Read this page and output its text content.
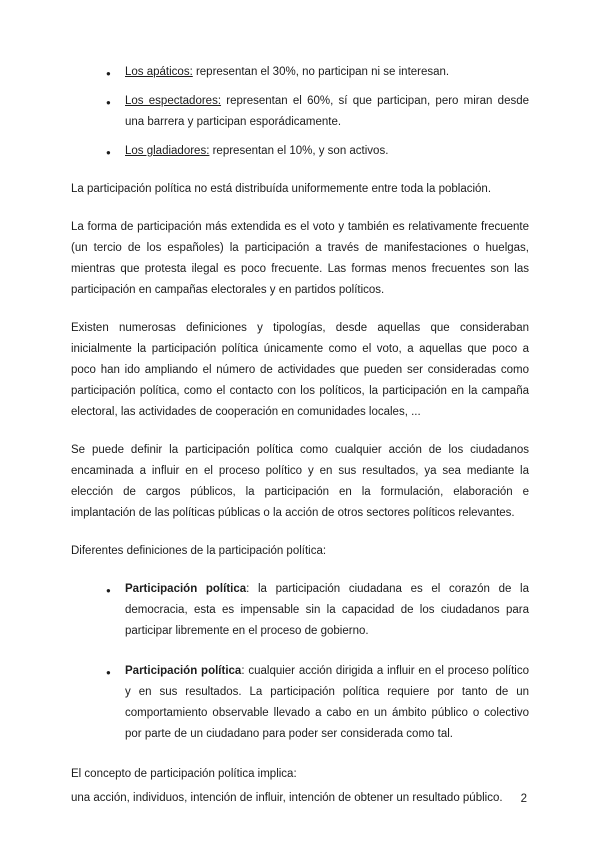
● Los apáticos: representan el 30%, no participan ni se interesan.
● Los espectadores: representan el 60%, sí que participan, pero miran desde una barrera y participan esporádicamente.
● Los gladiadores: representan el 10%, y son activos.

La participación política no está distribuída uniformemente entre toda la población.

La forma de participación más extendida es el voto y también es relativamente frecuente (un tercio de los españoles) la participación a través de manifestaciones o huelgas, mientras que protesta ilegal es poco frecuente. Las formas menos frecuentes son las participación en campañas electorales y en partidos políticos.

Existen numerosas definiciones y tipologías, desde aquellas que consideraban inicialmente la participación política únicamente como el voto, a aquellas que poco a poco han ido ampliando el número de actividades que pueden ser consideradas como participación política, como el contacto con los políticos, la participación en la campaña electoral, las actividades de cooperación en comunidades locales, ...

Se puede definir la participación política como cualquier acción de los ciudadanos encaminada a influir en el proceso político y en sus resultados, ya sea mediante la elección de cargos públicos, la participación en la formulación, elaboración e implantación de las políticas públicas o la acción de otros sectores políticos relevantes.

Diferentes definiciones de la participación política:

● Participación política: la participación ciudadana es el corazón de la democracia, esta es impensable sin la capacidad de los ciudadanos para participar libremente en el proceso de gobierno.
● Participación política: cualquier acción dirigida a influir en el proceso político y en sus resultados. La participación política requiere por tanto de un comportamiento observable llevado a cabo en un ámbito público o colectivo por parte de un ciudadano para poder ser considerada como tal.

El concepto de participación política implica:

una acción, individuos, intención de influir, intención de obtener un resultado público.	2
